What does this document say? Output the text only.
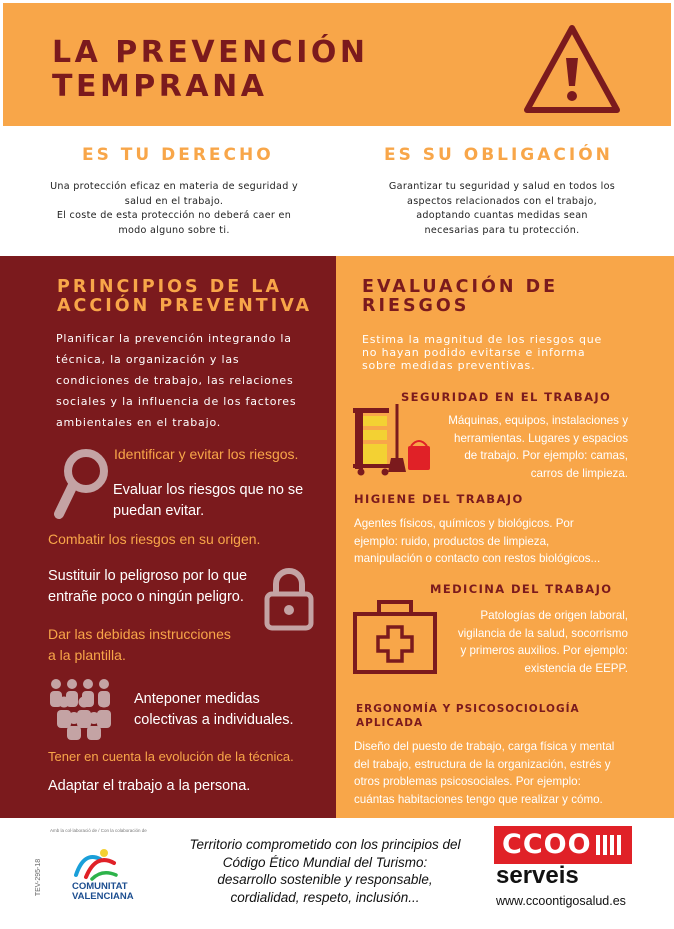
LA PREVENCIÓN
TEMPRANA
ES TU DERECHO

Una protección eficaz en materia de seguridad y

salud en el trabajo.

El coste de esta protección no deberá caer en

modo alguno sobre ti.

ES SU OBLIGACIÓN

Garantizar tu seguridad y salud en todos los

aspectos relacionados con el trabajo,

adoptando cuantas medidas sean

necesarias para tu protección.

PRINCIPIOS DE LA
ACCIÓN PREVENTIVA

Planificar la prevención integrando la

técnica, la organización y las

condiciones de trabajo, las relaciones

sociales y la influencia de los factores

ambientales en el trabajo.

Identificar y evitar los riesgos.

Evaluar los riesgos que no se

puedan evitar.

Combatir los riesgos en su origen.

Sustituir lo peligroso por lo que

entrañe poco o ningún peligro.

Dar las debidas instrucciones

a la plantilla.

Anteponer medidas

colectivas a individuales.

Tener en cuenta la evolución de la técnica.

Adaptar el trabajo a la persona.

EVALUACIÓN DE
RIESGOS

Estima la magnitud de los riesgos que

no hayan podido evitarse e informa

sobre medidas preventivas.

SEGURIDAD EN EL TRABAJO

Máquinas, equipos, instalaciones y

herramientas. Lugares y espacios

de trabajo. Por ejemplo: camas,

carros de limpieza.

HIGIENE DEL TRABAJO

Agentes físicos, químicos y biológicos. Por

ejemplo: ruido, productos de limpieza,

manipulación o contacto con restos biológicos...

MEDICINA DEL TRABAJO

Patologías de origen laboral,

vigilancia de la salud, socorrismo

y primeros auxilios. Por ejemplo:

existencia de EEPP.

ERGONOMÍA Y PSICOSOCIOLOGÍA
APLICADA

Diseño del puesto de trabajo, carga física y mental

del trabajo, estructura de la organización, estrés y

otros problemas psicosociales. Por ejemplo:

cuántas habitaciones tengo que realizar y cómo.

Amb la col·laboració de / Con la colaboración de

TEV-295-18	COMUNITAT
VALENCIANA

Territorio comprometido con los principios del

Código Ético Mundial del Turismo:

desarrollo sostenible y responsable,

cordialidad, respeto, inclusión...

CCOO

serveis

www.ccoontigosalud.es
